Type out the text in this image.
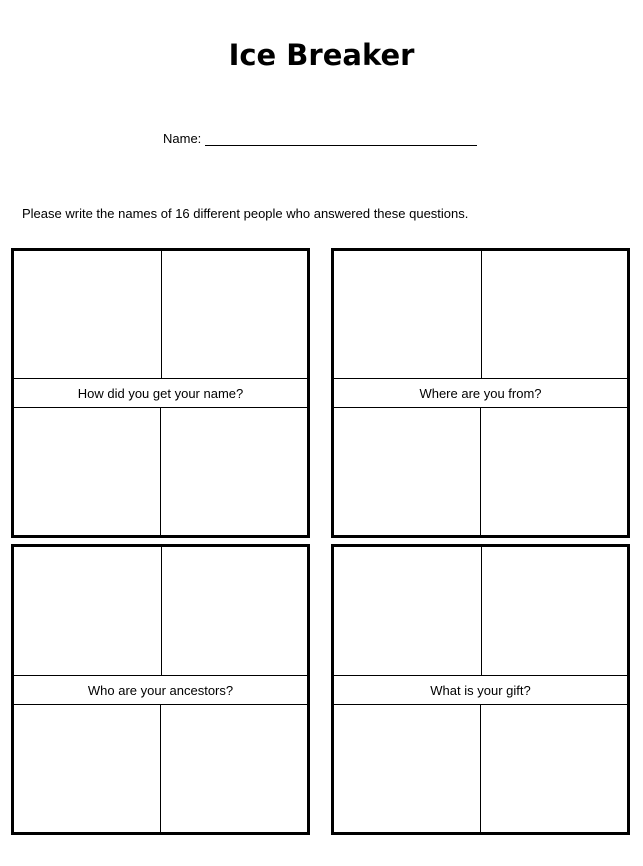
Ice Breaker
Name:
Please write the names of 16 different people who answered these questions.
How did you get your name?	Where are you from?
Who are your ancestors?	What is your gift?
